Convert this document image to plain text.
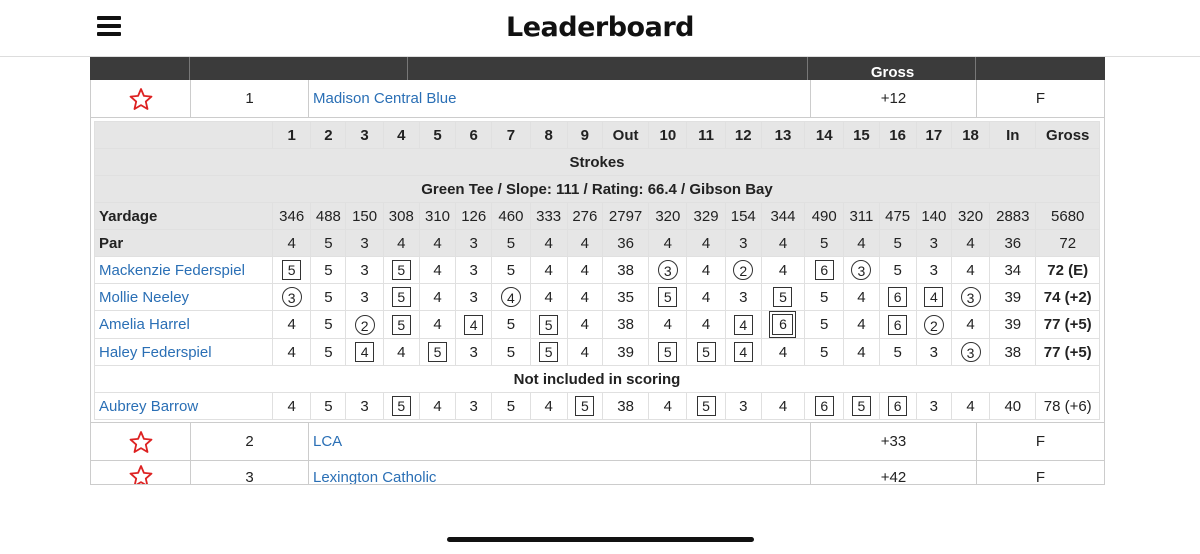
Leaderboard
Gross
1	Madison Central Blue	+12	F
	1	2	3	4	5	6	7	8	9	Out	10	11	12	13	14	15	16	17	18	In	Gross
Strokes																					
Green Tee / Slope: 111 / Rating: 66.4 / Gibson Bay																					
Yardage	346	488	150	308	310	126	460	333	276	2797	320	329	154	344	490	311	475	140	320	2883	5680
Par	4	5	3	4	4	3	5	4	4	36	4	4	3	4	5	4	5	3	4	36	72
Mackenzie Federspiel	5	5	3	5	4	3	5	4	4	38	3	4	2	4	6	3	5	3	4	34	72 (E)
Mollie Neeley	3	5	3	5	4	3	4	4	4	35	5	4	3	5	5	4	6	4	3	39	74 (+2)
Amelia Harrel	4	5	2	5	4	4	5	5	4	38	4	4	4	6	5	4	6	2	4	39	77 (+5)
Haley Federspiel	4	5	4	4	5	3	5	5	4	39	5	5	4	4	5	4	5	3	3	38	77 (+5)
Not included in scoring																					
Aubrey Barrow	4	5	3	5	4	3	5	4	5	38	4	5	3	4	6	5	6	3	4	40	78 (+6)
2	LCA	+33	F
3	Lexington Catholic	+42	F
